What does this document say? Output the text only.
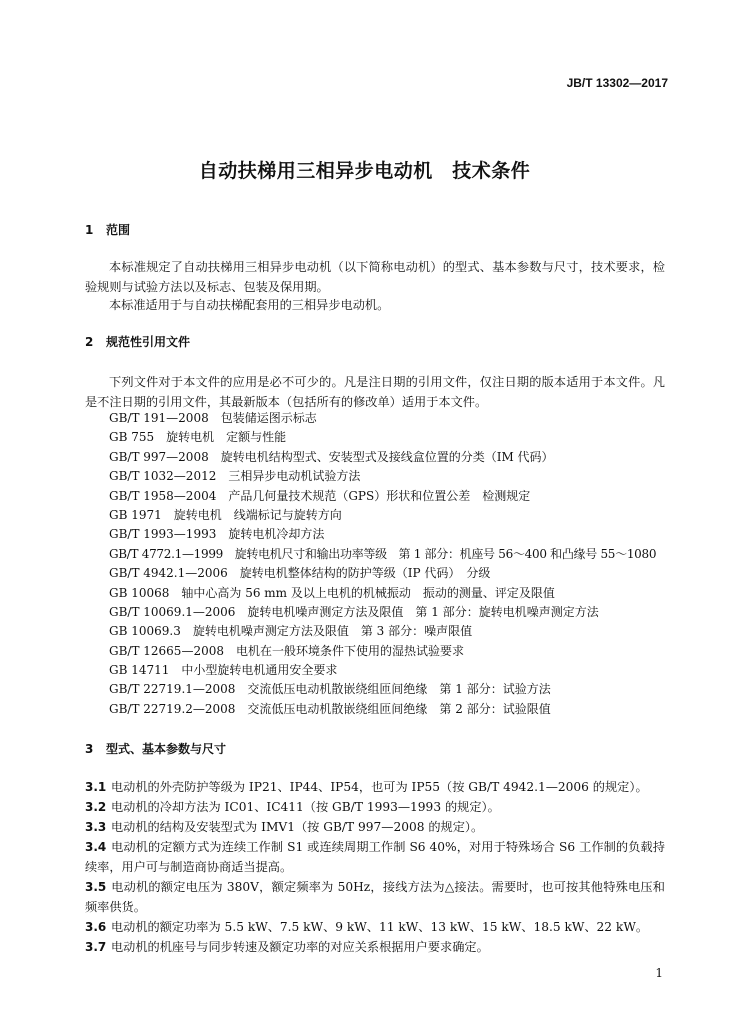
JB/T 13302—2017
自动扶梯用三相异步电动机　技术条件
1 范围

本标准规定了自动扶梯用三相异步电动机（以下简称电动机）的型式、基本参数与尺寸，技术要求，检验规则与试验方法以及标志、包装及保用期。

本标准适用于与自动扶梯配套用的三相异步电动机。

2 规范性引用文件

下列文件对于本文件的应用是必不可少的。凡是注日期的引用文件，仅注日期的版本适用于本文件。凡是不注日期的引用文件，其最新版本（包括所有的修改单）适用于本文件。

GB/T 191—2008　包装储运图示标志
GB 755　旋转电机　定额与性能
GB/T 997—2008　旋转电机结构型式、安装型式及接线盒位置的分类（IM 代码）
GB/T 1032—2012　三相异步电动机试验方法
GB/T 1958—2004　产品几何量技术规范（GPS）形状和位置公差　检测规定
GB 1971　旋转电机　线端标记与旋转方向
GB/T 1993—1993　旋转电机冷却方法
GB/T 4772.1—1999　旋转电机尺寸和输出功率等级　第 1 部分：机座号 56～400 和凸缘号 55～1080
GB/T 4942.1—2006　旋转电机整体结构的防护等级（IP 代码）　分级
GB 10068　轴中心高为 56 mm 及以上电机的机械振动　振动的测量、评定及限值
GB/T 10069.1—2006　旋转电机噪声测定方法及限值　第 1 部分：旋转电机噪声测定方法
GB 10069.3　旋转电机噪声测定方法及限值　第 3 部分：噪声限值
GB/T 12665—2008　电机在一般环境条件下使用的湿热试验要求
GB 14711　中小型旋转电机通用安全要求
GB/T 22719.1—2008　交流低压电动机散嵌绕组匝间绝缘　第 1 部分：试验方法
GB/T 22719.2—2008　交流低压电动机散嵌绕组匝间绝缘　第 2 部分：试验限值
3 型式、基本参数与尺寸

3.1 电动机的外壳防护等级为 IP21、IP44、IP54，也可为 IP55（按 GB/T 4942.1—2006 的规定）。

3.2 电动机的冷却方法为 IC01、IC411（按 GB/T 1993—1993 的规定）。

3.3 电动机的结构及安装型式为 IMV1（按 GB/T 997—2008 的规定）。

3.4 电动机的定额方式为连续工作制 S1 或连续周期工作制 S6 40%，对用于特殊场合 S6 工作制的负载持续率，用户可与制造商协商适当提高。

3.5 电动机的额定电压为 380V，额定频率为 50Hz，接线方法为△接法。需要时，也可按其他特殊电压和频率供货。

3.6 电动机的额定功率为 5.5 kW、7.5 kW、9 kW、11 kW、13 kW、15 kW、18.5 kW、22 kW。

3.7 电动机的机座号与同步转速及额定功率的对应关系根据用户要求确定。

1
